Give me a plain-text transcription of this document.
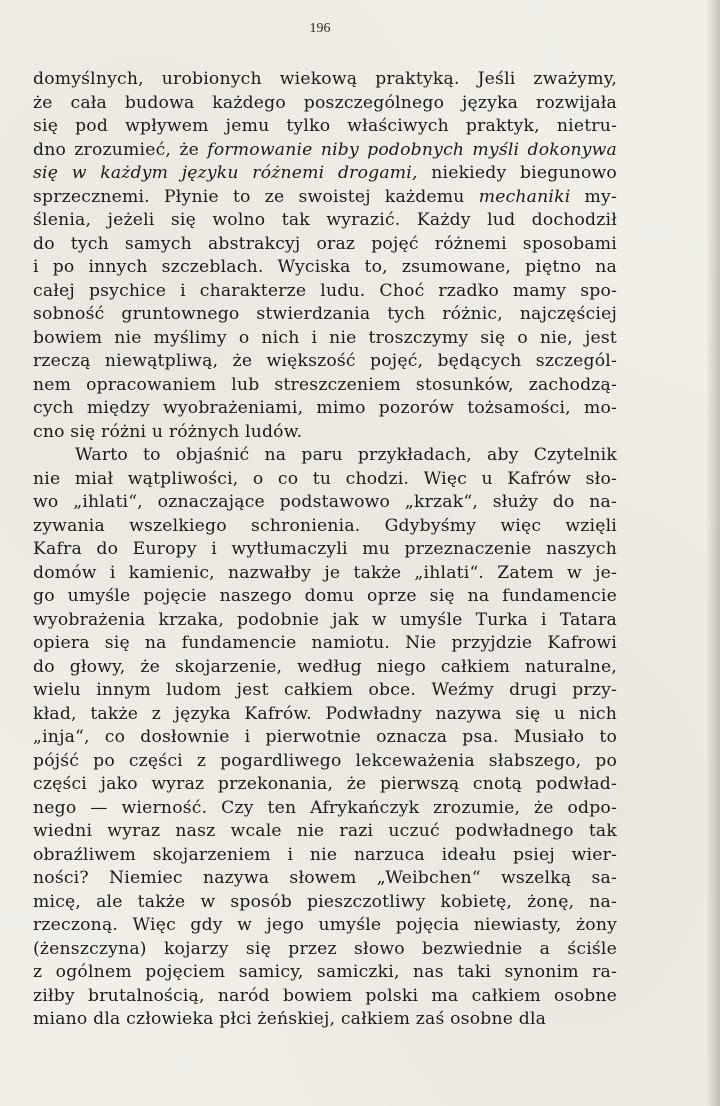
196
domyślnych, urobionych wiekową praktyką. Jeśli zważymy,
że cała budowa każdego poszczególnego języka rozwijała
się pod wpływem jemu tylko właściwych praktyk, nietru-
dno zrozumieć, że formowanie niby podobnych myśli dokonywa
się w każdym języku różnemi drogami, niekiedy biegunowo
sprzecznemi. Płynie to ze swoistej każdemu mechaniki my-
ślenia, jeżeli się wolno tak wyrazić. Każdy lud dochodził
do tych samych abstrakcyj oraz pojęć różnemi sposobami
i po innych szczeblach. Wyciska to, zsumowane, piętno na
całej psychice i charakterze ludu. Choć rzadko mamy spo-
sobność gruntownego stwierdzania tych różnic, najczęściej
bowiem nie myślimy o nich i nie troszczymy się o nie, jest
rzeczą niewątpliwą, że większość pojęć, będących szczegól-
nem opracowaniem lub streszczeniem stosunków, zachodzą-
cych między wyobrażeniami, mimo pozorów tożsamości, mo-
cno się różni u różnych ludów.
Warto to objaśnić na paru przykładach, aby Czytelnik
nie miał wątpliwości, o co tu chodzi. Więc u Kafrów sło-
wo „ihlati“, oznaczające podstawowo „krzak“, służy do na-
zywania wszelkiego schronienia. Gdybyśmy więc wzięli
Kafra do Europy i wytłumaczyli mu przeznaczenie naszych
domów i kamienic, nazwałby je także „ihlati“. Zatem w je-
go umyśle pojęcie naszego domu oprze się na fundamencie
wyobrażenia krzaka, podobnie jak w umyśle Turka i Tatara
opiera się na fundamencie namiotu. Nie przyjdzie Kafrowi
do głowy, że skojarzenie, według niego całkiem naturalne,
wielu innym ludom jest całkiem obce. Weźmy drugi przy-
kład, także z języka Kafrów. Podwładny nazywa się u nich
„inja“, co dosłownie i pierwotnie oznacza psa. Musiało to
pójść po części z pogardliwego lekceważenia słabszego, po
części jako wyraz przekonania, że pierwszą cnotą podwład-
nego — wierność. Czy ten Afrykańczyk zrozumie, że odpo-
wiedni wyraz nasz wcale nie razi uczuć podwładnego tak
obraźliwem skojarzeniem i nie narzuca ideału psiej wier-
ności? Niemiec nazywa słowem „Weibchen“ wszelką sa-
micę, ale także w sposób pieszczotliwy kobietę, żonę, na-
rzeczoną. Więc gdy w jego umyśle pojęcia niewiasty, żony
(żenszczyna) kojarzy się przez słowo bezwiednie a ściśle
z ogólnem pojęciem samicy, samiczki, nas taki synonim ra-
ziłby brutalnością, naród bowiem polski ma całkiem osobne
miano dla człowieka płci żeńskiej, całkiem zaś osobne dla
